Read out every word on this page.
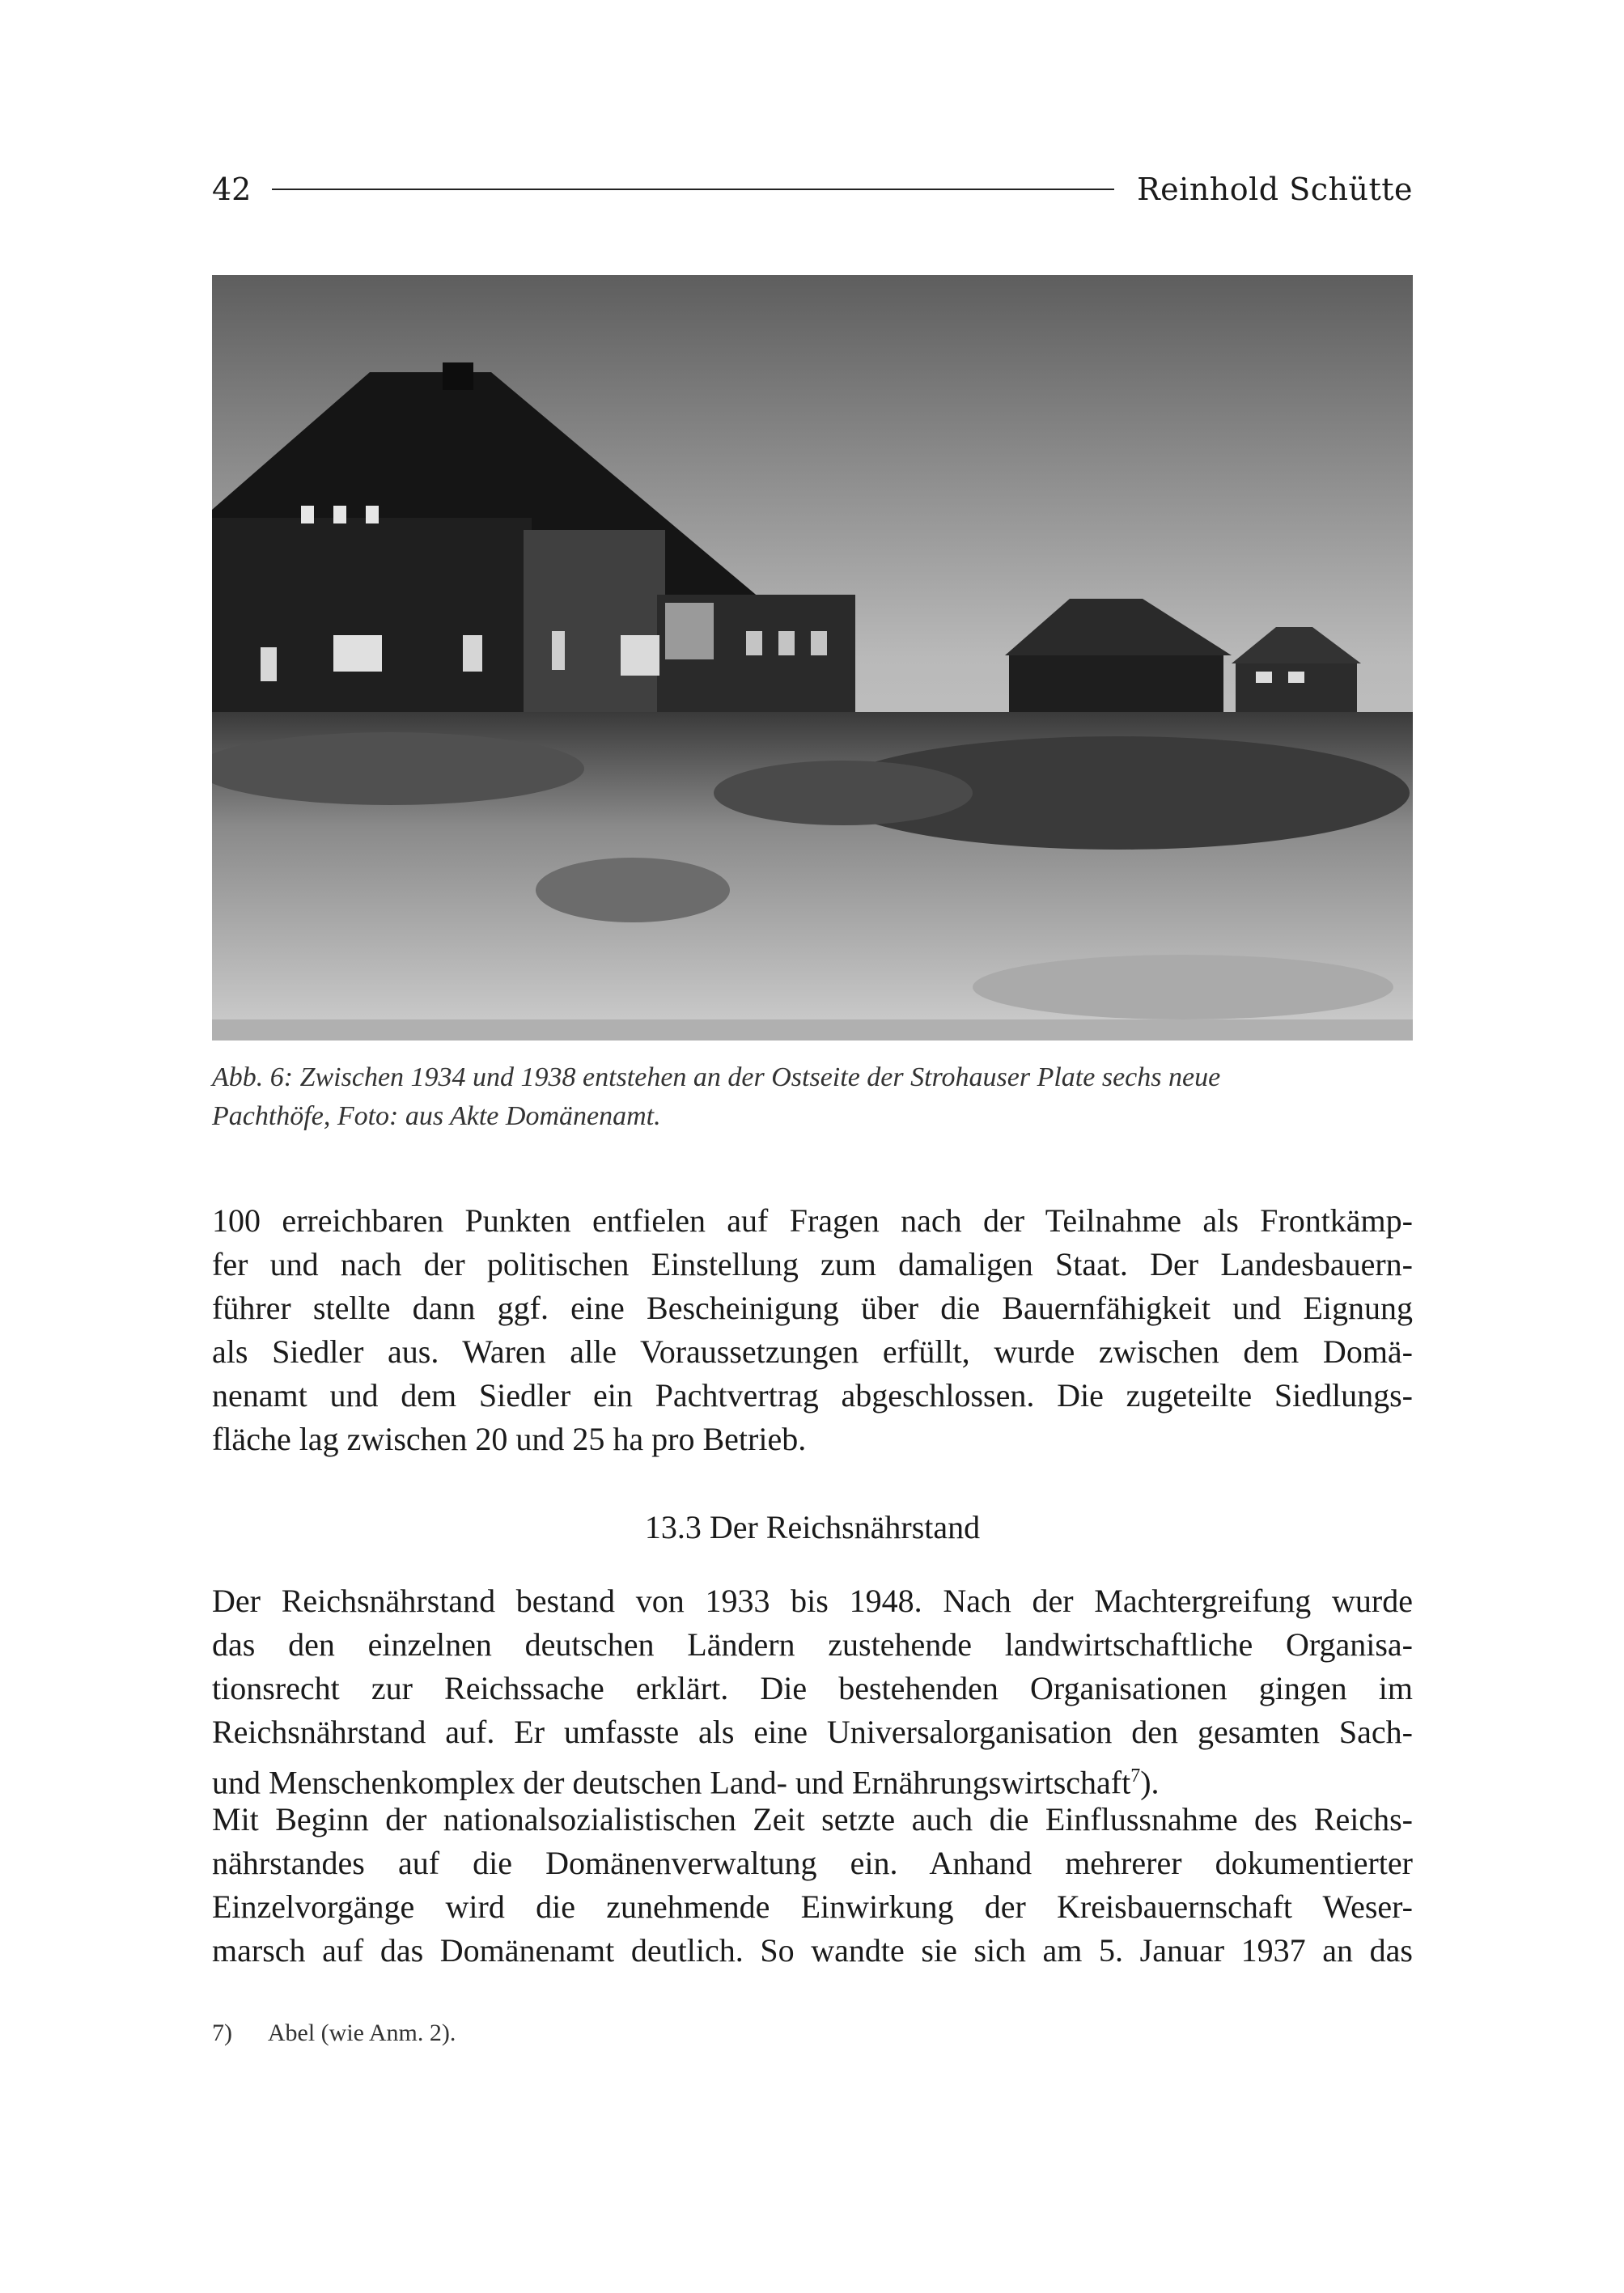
42	Reinhold Schütte
Abb. 6: Zwischen 1934 und 1938 entstehen an der Ostseite der Strohauser Plate sechs neue
Pachthöfe, Foto: aus Akte Domänenamt.
100 erreichbaren Punkten entfielen auf Fragen nach der Teilnahme als Frontkämp-
fer und nach der politischen Einstellung zum damaligen Staat. Der Landesbauern-
führer stellte dann ggf. eine Bescheinigung über die Bauernfähigkeit und Eignung
als Siedler aus. Waren alle Voraussetzungen erfüllt, wurde zwischen dem Domä-
nenamt und dem Siedler ein Pachtvertrag abgeschlossen. Die zugeteilte Siedlungs-
fläche lag zwischen 20 und 25 ha pro Betrieb.
13.3 Der Reichsnährstand
Der Reichsnährstand bestand von 1933 bis 1948. Nach der Machtergreifung wurde
das den einzelnen deutschen Ländern zustehende landwirtschaftliche Organisa-
tionsrecht zur Reichssache erklärt. Die bestehenden Organisationen gingen im
Reichsnährstand auf. Er umfasste als eine Universalorganisation den gesamten Sach-
und Menschenkomplex der deutschen Land- und Ernährungswirtschaft$^7$).
Mit Beginn der nationalsozialistischen Zeit setzte auch die Einflussnahme des Reichs-
nährstandes auf die Domänenverwaltung ein. Anhand mehrerer dokumentierter
Einzelvorgänge wird die zunehmende Einwirkung der Kreisbauernschaft Weser-
marsch auf das Domänenamt deutlich. So wandte sie sich am 5. Januar 1937 an das
7) Abel (wie Anm. 2).
